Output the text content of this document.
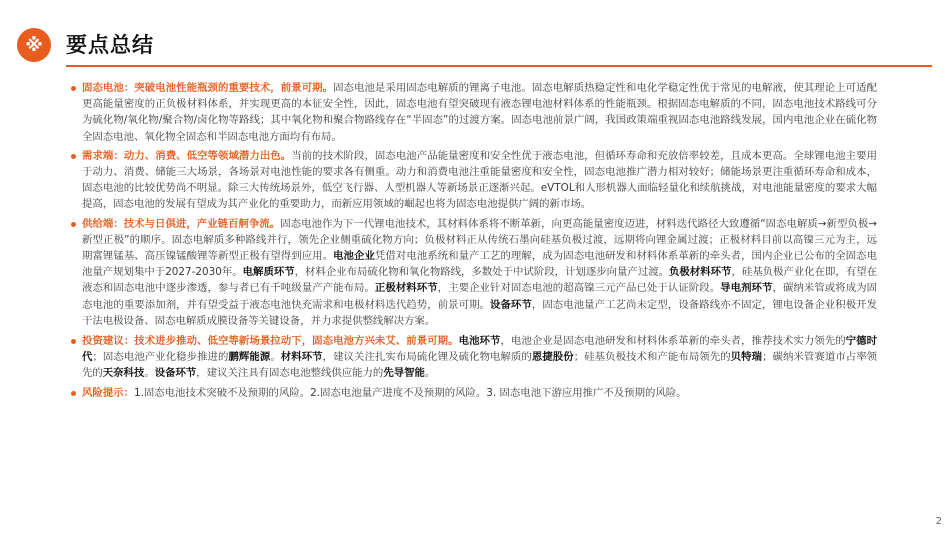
※	要点总结
固态电池：突破电池性能瓶颈的重要技术，前景可期。固态电池是采用固态电解质的锂离子电池。固态电解质热稳定性和电化学稳定性优于常见的电解液，使其理论上可适配更高能量密度的正负极材料体系，并实现更高的本征安全性，因此，固态电池有望突破现有液态锂电池材料体系的性能瓶颈。根据固态电解质的不同，固态电池技术路线可分为硫化物/氧化物/聚合物/卤化物等路线；其中氧化物和聚合物路线存在“半固态”的过渡方案。固态电池前景广阔，我国政策端重视固态电池路线发展，国内电池企业在硫化物全固态电池、氧化物全固态和半固态电池方面均有布局。
需求端：动力、消费、低空等领域潜力出色。当前的技术阶段，固态电池产品能量密度和安全性优于液态电池，但循环寿命和充放倍率较差，且成本更高。全球锂电池主要用于动力、消费、储能三大场景，各场景对电池性能的要求各有侧重。动力和消费电池注重能量密度和安全性，固态电池推广潜力相对较好；储能场景更注重循环寿命和成本，固态电池的比较优势尚不明显。除三大传统场景外，低空飞行器、人型机器人等新场景正逐渐兴起。eVTOL和人形机器人面临轻量化和续航挑战，对电池能量密度的要求大幅提高，固态电池的发展有望成为其产业化的重要助力，而新应用领域的崛起也将为固态电池提供广阔的新市场。
供给端：技术与日俱进，产业链百舸争流。固态电池作为下一代锂电池技术，其材料体系将不断革新，向更高能量密度迈进，材料迭代路径大致遵循“固态电解质→新型负极→新型正极”的顺序。固态电解质多种路线并行，领先企业侧重硫化物方向；负极材料正从传统石墨向硅基负极过渡，远期将向锂金属过渡；正极材料目前以高镍三元为主，远期富锂锰基、高压镍锰酸锂等新型正极有望得到应用。电池企业凭借对电池系统和量产工艺的理解，成为固态电池研发和材料体系革新的牵头者，国内企业已公布的全固态电池量产规划集中于2027-2030年。电解质环节，材料企业布局硫化物和氧化物路线，多数处于中试阶段，计划逐步向量产过渡。负极材料环节，硅基负极产业化在即，有望在液态和固态电池中逐步渗透，参与者已有千吨级量产产能布局。正极材料环节，主要企业针对固态电池的超高镍三元产品已处于认证阶段。导电剂环节，碳纳米管或将成为固态电池的重要添加剂，并有望受益于液态电池快充需求和电极材料迭代趋势，前景可期。设备环节，固态电池量产工艺尚未定型，设备路线亦不固定，锂电设备企业积极开发干法电极设备、固态电解质成膜设备等关键设备，并力求提供整线解决方案。
投资建议：技术进步推动、低空等新场景拉动下，固态电池方兴未艾、前景可期。电池环节，电池企业是固态电池研发和材料体系革新的牵头者，推荐技术实力领先的宁德时代；固态电池产业化稳步推进的鹏辉能源。材料环节，建议关注扎实布局硫化锂及硫化物电解质的恩捷股份；硅基负极技术和产能布局领先的贝特瑞；碳纳米管赛道市占率领先的天奈科技。设备环节，建议关注具有固态电池整线供应能力的先导智能。
风险提示：1.固态电池技术突破不及预期的风险。2.固态电池量产进度不及预期的风险。3. 固态电池下游应用推广不及预期的风险。
2
